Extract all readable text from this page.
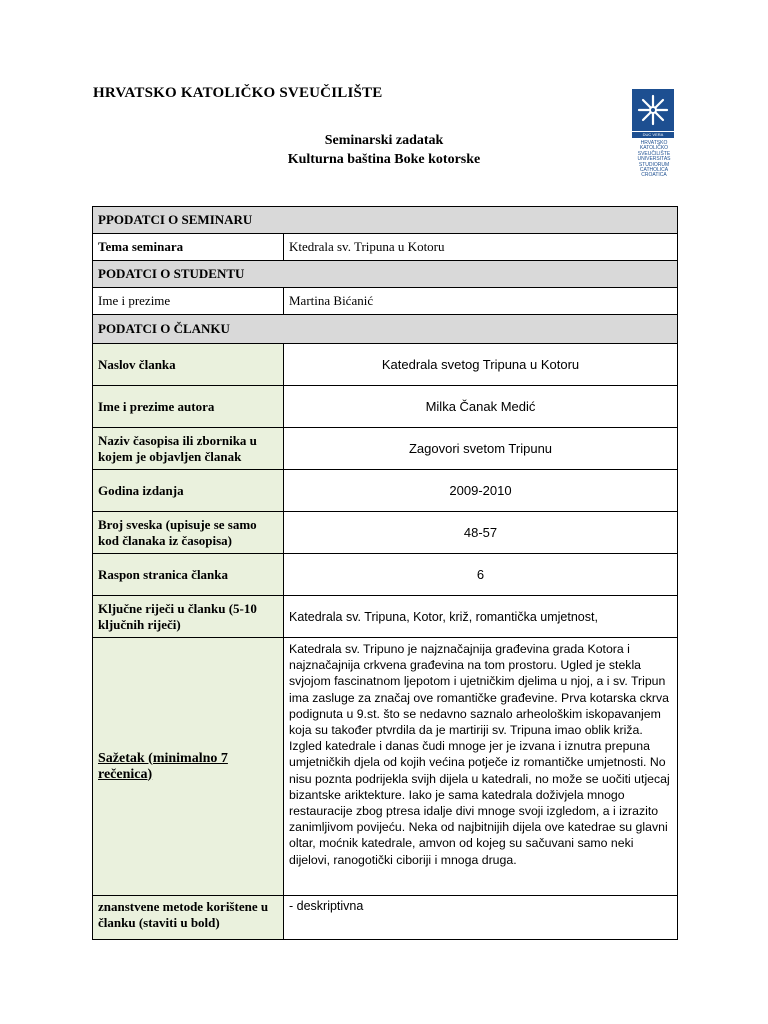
HRVATSKO KATOLIČKO SVEUČILIŠTE
DUC VERA
HRVATSKO
KATOLIČKO
SVEUČILIŠTE
UNIVERSITAS
STUDIORUM
CATHOLICA
CROATICA
Seminarski zadatak
Kulturna baština Boke kotorske
PPODATCI O SEMINARU	
Tema seminara	Ktedrala sv. Tripuna u Kotoru
PODATCI O STUDENTU	
Ime i prezime	Martina Bićanić
PODATCI O ČLANKU	
Naslov članka	Katedrala svetog Tripuna u Kotoru
Ime i prezime autora	Milka Čanak Medić
Naziv časopisa ili zbornika u kojem je objavljen članak	Zagovori svetom Tripunu
Godina izdanja	2009-2010
Broj sveska (upisuje se samo kod članaka iz časopisa)	48-57
Raspon stranica članka	6
Ključne riječi u članku (5-10 ključnih riječi)	Katedrala sv. Tripuna, Kotor, križ, romantička umjetnost,
Sažetak (minimalno 7 rečenica)	Katedrala sv. Tripuno je najznačajnija građevina grada Kotora i najznačajnija crkvena građevina na tom prostoru. Ugled je stekla svjojom fascinatnom ljepotom i ujetničkim djelima u njoj, a i sv. Tripun ima zasluge za značaj ove romantičke građevine. Prva kotarska ckrva podignuta u 9.st. što se nedavno saznalo arheološkim iskopavanjem koja su također ptvrdila da je martiriji sv. Tripuna imao oblik križa. Izgled katedrale i danas čudi mnoge jer je izvana i iznutra prepuna umjetničkih djela od kojih većina potječe iz romantičke umjetnosti. No nisu poznta podrijekla svijh dijela u katedrali, no može se uočiti utjecaj bizantske ariktekture. Iako je sama katedrala doživjela mnogo restauracije zbog ptresa idalje divi mnoge svoji izgledom, a i izrazito zanimljivom povijeću. Neka od najbitnijih dijela ove katedrae su glavni oltar, moćnik katedrale, amvon od kojeg su sačuvani samo neki dijelovi, ranogotički ciboriji i mnoga druga.
znanstvene metode korištene u članku (staviti u bold)	- deskriptivna
